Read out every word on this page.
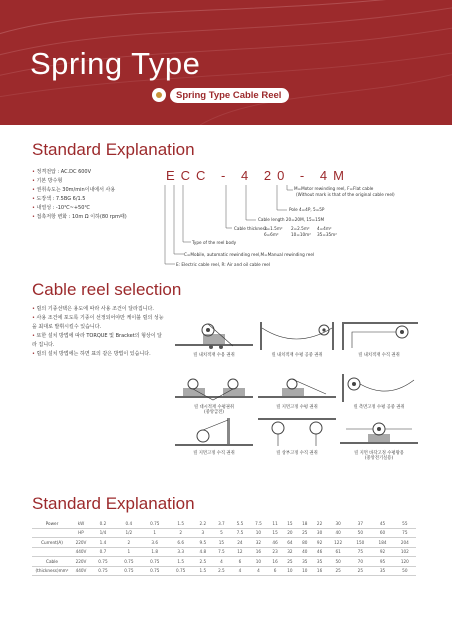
Spring Type
Spring Type Cable Reel
Standard Explanation
• 정격전압 : AC.DC 600V
• 기본 방수형
• 권취속도는 30m/min이내에서 사용
• 도장색 : 7.5BG 6/1.5
• 내열성 : -10℃~+50℃
• 접촉저항 변화 : 10m Ω 이하(80 rpm때)
ECC - 4 20 - 4M
M=Motor rewinding reel, F=Flat cable
(Without mark is that of the original cable reel)
Pole 4=4P, 5=5P
Cable length 20=20M, 15=15M
Cable thickness
1=1.5m² 2=2.5m² 4=4m²
6=6m²	10=10m² 35=35m²
Type of the reel body
C=Mobile, automatic rewinding reel,M=Manual rewinding reel
E: Electric cable reel, R: Air and oil cable reel
Cable reel selection
• 릴의 기종선택은 용도에 따라 사용 조건이 달라집니다.
• 사용 조건에 포도록 기종이 선정되어야만 케이블 릴의 성능을 최대로 발휘시킬수 있습니다.
• 또한 설치 방법에 따라 TORQUE 및 Bracket의 형상이 달라 집니다.
• 릴의 설치 방법에는 하면 표의 같은 방법이 있습니다.	릴 내치적재 수용 권취	릴 내치적재 수평 공중 권취	릴 내치적재 수직 권취
릴 대시적재 수평권취
(중앙급전)
릴 지면고정 수평 권취	릴 측면고정 수평 공중 권취
릴 지면고정 수직 권취	릴 상부고정 수직 권취	릴 지면 바닥고정 수평왕용
(중앙전기실용)
Standard Explanation
Power	kW	0.2	0.4	0.75	1.5	2.2	3.7	5.5	7.5	11	15	18	22	30	37	45	55
	HP	1/4	1/2	1	2	3	5	7.5	10	15	20	25	30	40	50	60	75
Current(A)	220V	1.4	2	3.6	6.6	9.5	15	24	32	46	64	80	92	122	150	184	204
	440V	0.7	1	1.8	3.3	4.8	7.5	12	16	23	32	40	46	61	75	92	102
Cable	220V	0.75	0.75	0.75	1.5	2.5	4	6	10	16	25	35	35	50	70	95	120
(thickness)mm²	440V	0.75	0.75	0.75	0.75	1.5	2.5	4	4	6	10	10	16	25	25	35	50
